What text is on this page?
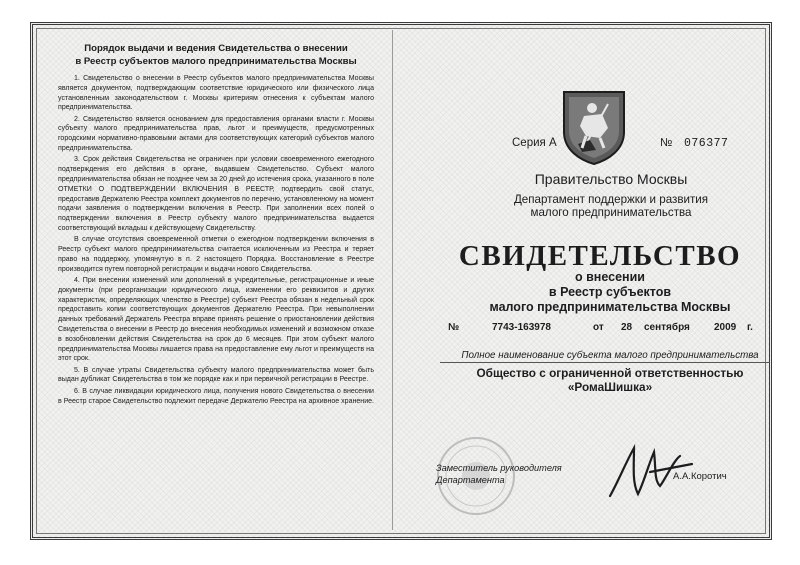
Порядок выдачи и ведения Свидетельства о внесении
в Реестр субъектов малого предпринимательства Москвы

1. Свидетельство о внесении в Реестр субъектов малого предпринимательства Москвы является документом, подтверждающим соответствие юридического или физического лица установленным законодательством г. Москвы критериям отнесения к субъектам малого предпринимательства.

2. Свидетельство является основанием для предоставления органами власти г. Москвы субъекту малого предпринимательства прав, льгот и преимуществ, предусмотренных городскими нормативно-правовыми актами для соответствующих категорий субъектов малого предпринимательства.

3. Срок действия Свидетельства не ограничен при условии своевременного ежегодного подтверждения его действия в органе, выдавшем Свидетельство. Субъект малого предпринимательства обязан не позднее чем за 20 дней до истечения срока, указанного в поле ОТМЕТКИ О ПОДТВЕРЖДЕНИИ ВКЛЮЧЕНИЯ В РЕЕСТР, подтвердить свой статус, предоставив Держателю Реестра комплект документов по перечню, установленному на момент подачи заявления о подтверждении включения в Реестр. При заполнении всех полей о подтверждении включения в Реестр субъекту малого предпринимательства выдается соответствующий вкладыш к действующему Свидетельству.

В случае отсутствия своевременной отметки о ежегодном подтверждении включения в Реестр субъект малого предпринимательства считается исключенным из Реестра и теряет право на поддержку, упомянутую в п. 2 настоящего Порядка. Восстановление в Реестре производится путем повторной регистрации и выдачи нового Свидетельства.

4. При внесении изменений или дополнений в учредительные, регистрационные и иные документы (при реорганизации юридического лица, изменении его реквизитов и других характеристик, определяющих членство в Реестре) субъект Реестра обязан в недельный срок предоставить копии соответствующих документов Держателю Реестра. При невыполнении данных требований Держатель Реестра вправе принять решение о приостановлении действия Свидетельства о внесении в Реестр до внесения необходимых изменений и возможном отказе в возобновлении действия Свидетельства на срок до 6 месяцев. При этом субъект малого предпринимательства Москвы лишается права на предоставление ему льгот и преимуществ на этот срок.

5. В случае утраты Свидетельства субъекту малого предпринимательства может быть выдан дубликат Свидетельства в том же порядке как и при первичной регистрации в Реестре.

6. В случае ликвидации юридического лица, получения нового Свидетельства о внесении в Реестр старое Свидетельство подлежит передаче Держателю Реестра на архивное хранение.

Серия А	№ 076377
Правительство Москвы
Департамент поддержки и развития
малого предпринимательства
СВИДЕТЕЛЬСТВО
о внесении
в Реестр субъектов
малого предпринимательства Москвы
№	7743-163978	от 28 сентября 2009 г.
Полное наименование субъекта малого предпринимательства
Общество с ограниченной ответственностью
«РомаШишка»
Заместитель руководителя
Департамента	А.А.Коротич
